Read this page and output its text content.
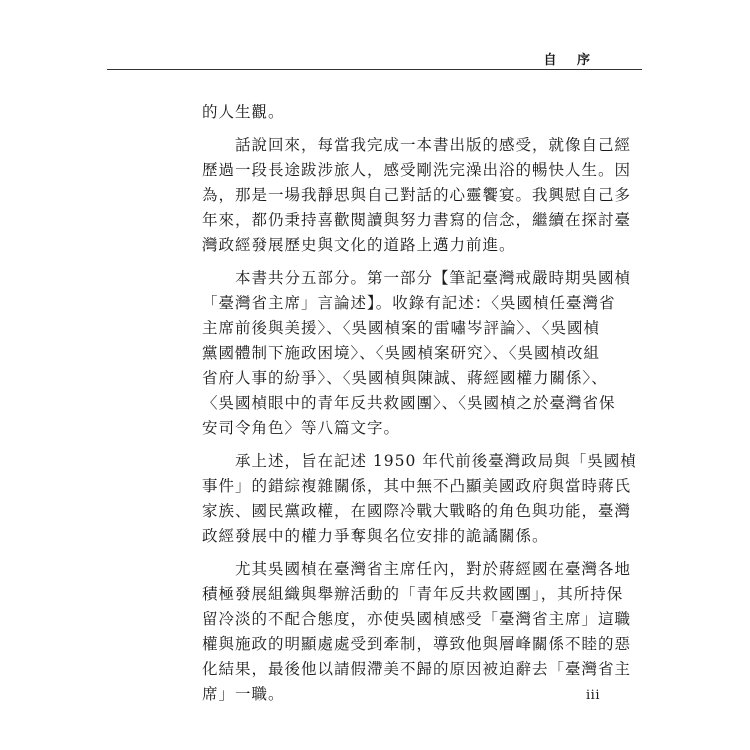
自 序
的人生觀。
　　話說回來，每當我完成一本書出版的感受，就像自己經
歷過一段長途跋涉旅人，感受剛洗完澡出浴的暢快人生。因
為，那是一場我靜思與自己對話的心靈饗宴。我興慰自己多
年來，都仍秉持喜歡閱讀與努力書寫的信念，繼續在探討臺
灣政經發展歷史與文化的道路上邁力前進。
　　本書共分五部分。第一部分【筆記臺灣戒嚴時期吳國楨
「臺灣省主席」言論述】。收錄有記述：〈吳國楨任臺灣省
主席前後與美援〉、〈吳國楨案的雷嘯岑評論〉、〈吳國楨
黨國體制下施政困境〉、〈吳國楨案研究〉、〈吳國楨改組
省府人事的紛爭〉、〈吳國楨與陳誠、蔣經國權力關係〉、
〈吳國楨眼中的青年反共救國團〉、〈吳國楨之於臺灣省保
安司令角色〉等八篇文字。
　　承上述，旨在記述 1950 年代前後臺灣政局與「吳國楨
事件」的錯綜複雜關係，其中無不凸顯美國政府與當時蔣氏
家族、國民黨政權，在國際冷戰大戰略的角色與功能，臺灣
政經發展中的權力爭奪與名位安排的詭譎關係。
　　尤其吳國楨在臺灣省主席任內，對於蔣經國在臺灣各地
積極發展組織與舉辦活動的「青年反共救國團」，其所持保
留冷淡的不配合態度，亦使吳國楨感受「臺灣省主席」這職
權與施政的明顯處處受到牽制，導致他與層峰關係不睦的惡
化結果，最後他以請假滯美不歸的原因被迫辭去「臺灣省主
席」一職。	iii
